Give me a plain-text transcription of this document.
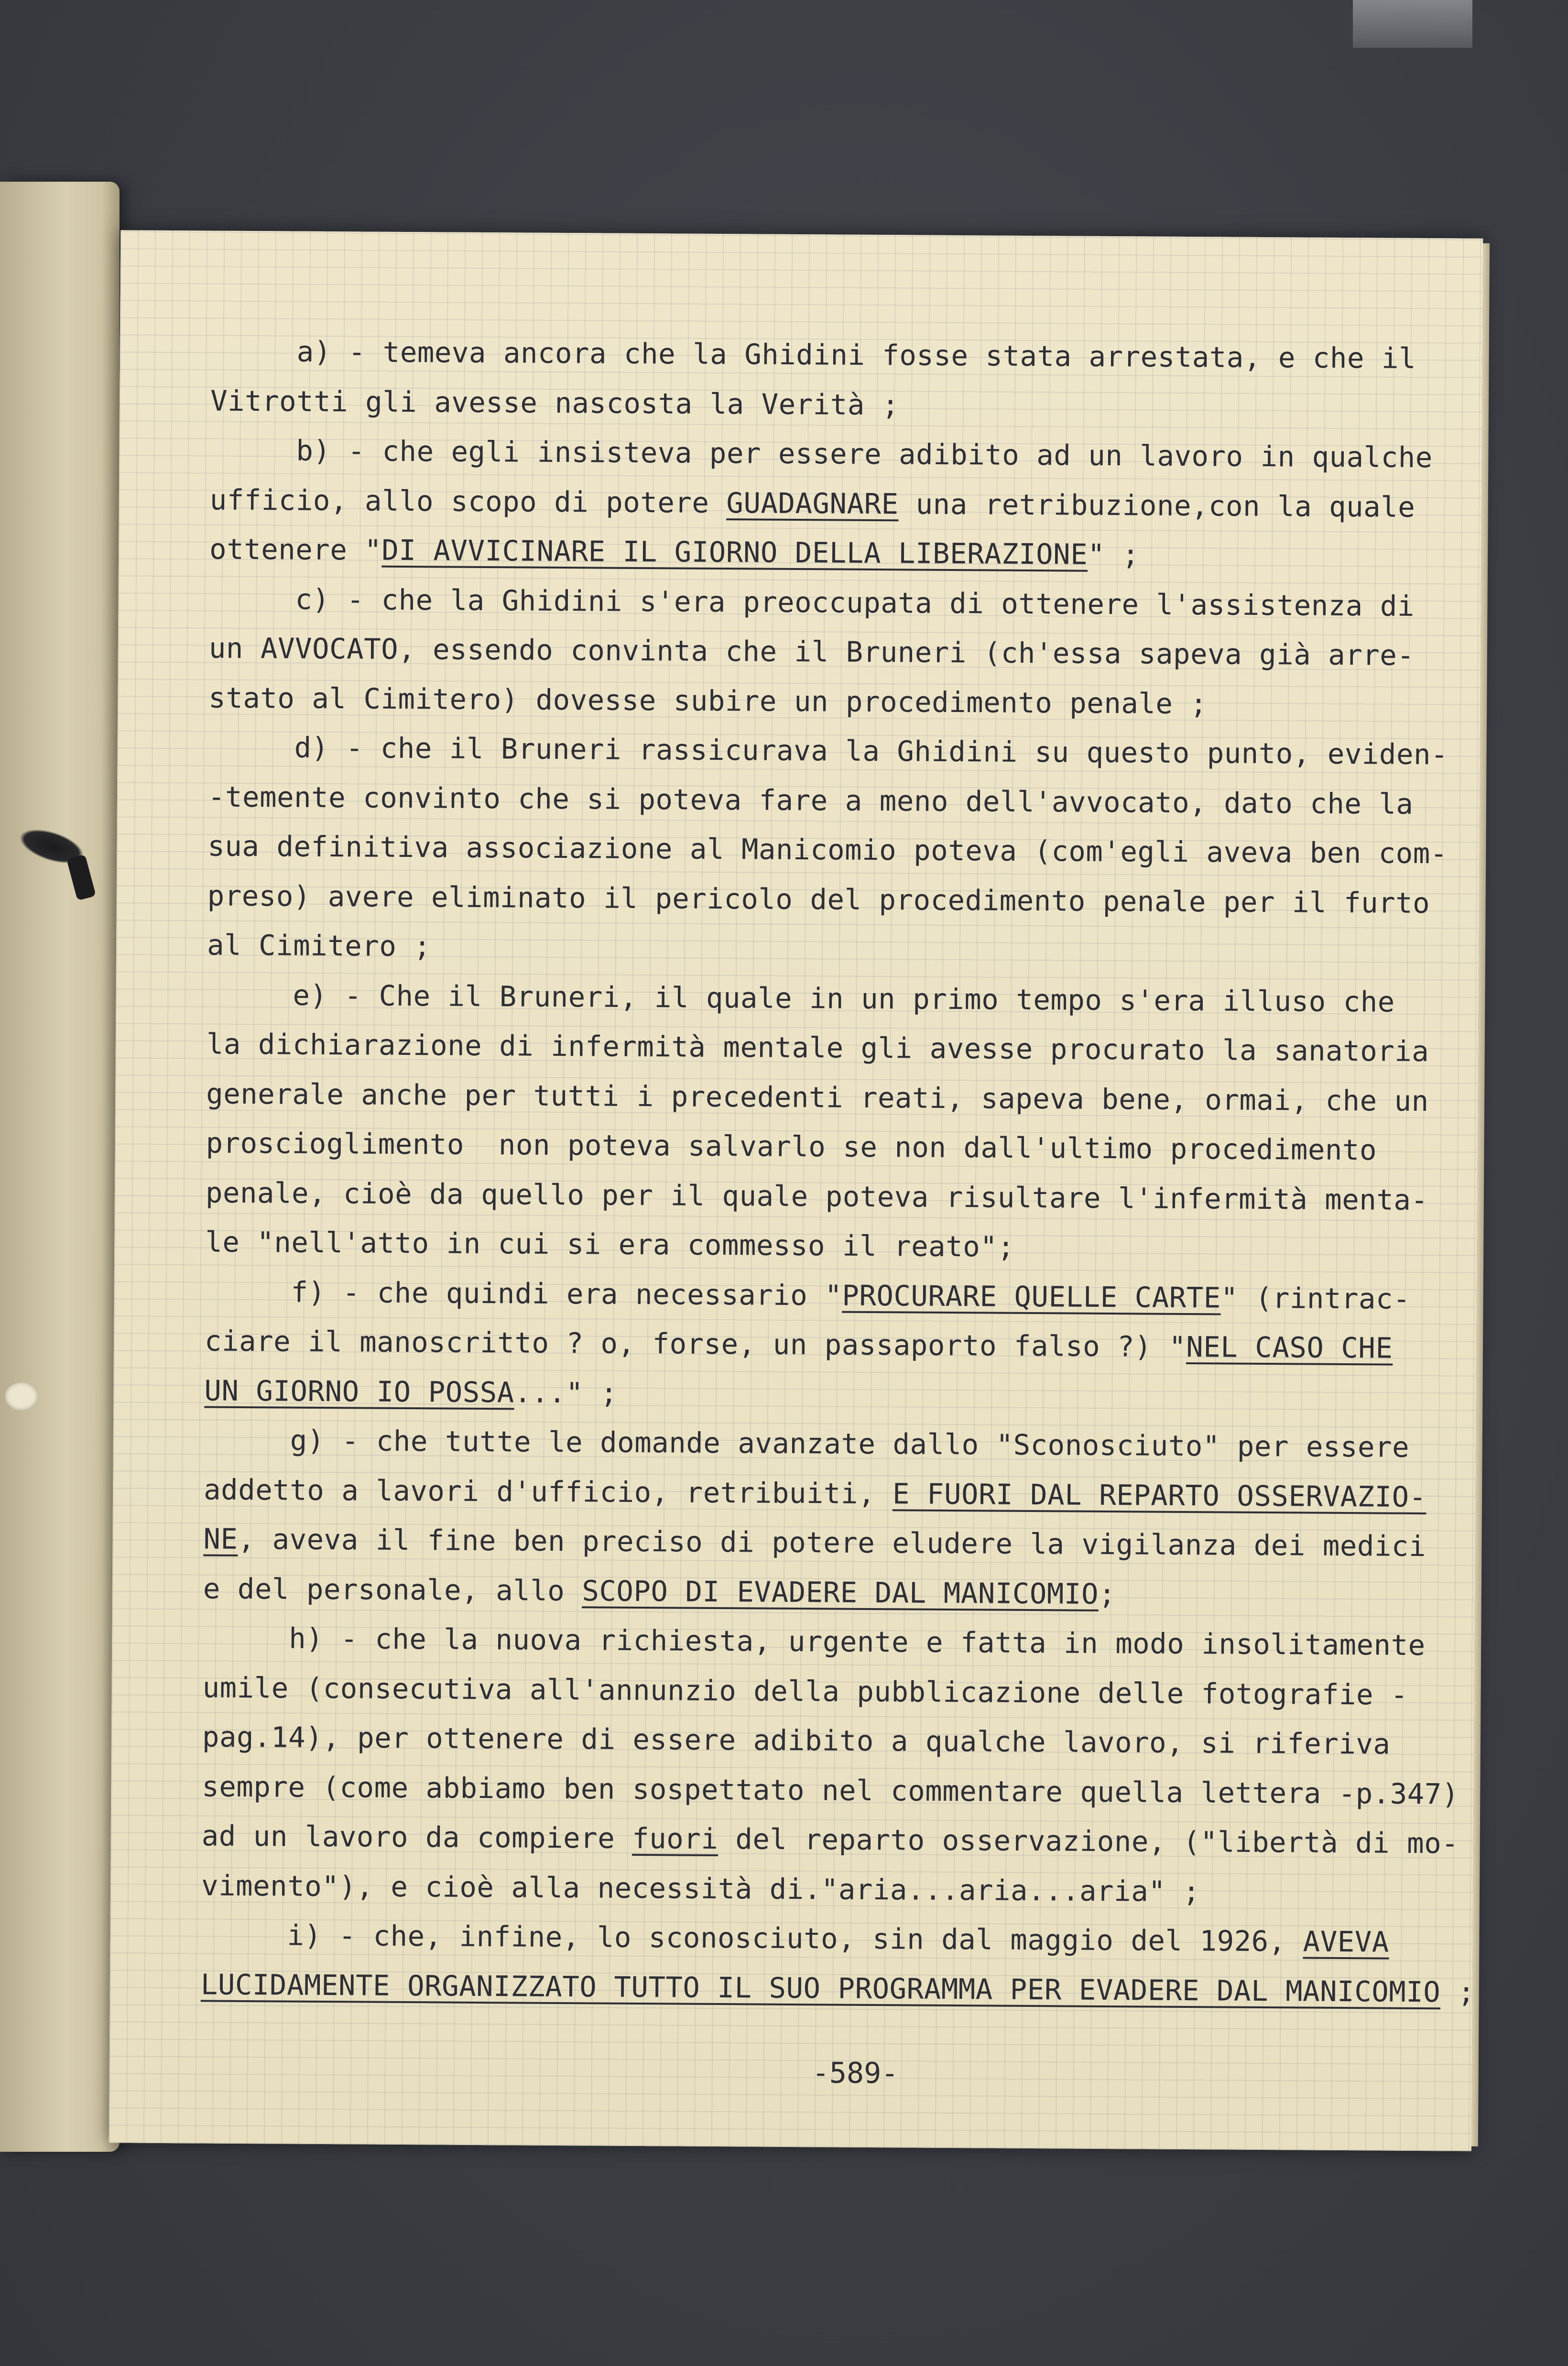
a) - temeva ancora che la Ghidini fosse stata arrestata, e che il
Vitrotti gli avesse nascosta la Verità ;
b) - che egli insisteva per essere adibito ad un lavoro in qualche
ufficio, allo scopo di potere GUADAGNARE una retribuzione,con la quale
ottenere "DI AVVICINARE IL GIORNO DELLA LIBERAZIONE" ;
c) - che la Ghidini s'era preoccupata di ottenere l'assistenza di
un AVVOCATO, essendo convinta che il Bruneri (ch'essa sapeva già arre-
stato al Cimitero) dovesse subire un procedimento penale ;
d) - che il Bruneri rassicurava la Ghidini su questo punto, eviden-
-temente convinto che si poteva fare a meno dell'avvocato, dato che la
sua definitiva associazione al Manicomio poteva (com'egli aveva ben com-
preso) avere eliminato il pericolo del procedimento penale per il furto
al Cimitero ;
e) - Che il Bruneri, il quale in un primo tempo s'era illuso che
la dichiarazione di infermità mentale gli avesse procurato la sanatoria
generale anche per tutti i precedenti reati, sapeva bene, ormai, che un
proscioglimento  non poteva salvarlo se non dall'ultimo procedimento
penale, cioè da quello per il quale poteva risultare l'infermità menta-
le "nell'atto in cui si era commesso il reato";
f) - che quindi era necessario "PROCURARE QUELLE CARTE" (rintrac-
ciare il manoscritto ? o, forse, un passaporto falso ?) "NEL CASO CHE
UN GIORNO IO POSSA..." ;
g) - che tutte le domande avanzate dallo "Sconosciuto" per essere
addetto a lavori d'ufficio, retribuiti, E FUORI DAL REPARTO OSSERVAZIO-
NE, aveva il fine ben preciso di potere eludere la vigilanza dei medici
e del personale, allo SCOPO DI EVADERE DAL MANICOMIO;
h) - che la nuova richiesta, urgente e fatta in modo insolitamente
umile (consecutiva all'annunzio della pubblicazione delle fotografie -
pag.14), per ottenere di essere adibito a qualche lavoro, si riferiva
sempre (come abbiamo ben sospettato nel commentare quella lettera -p.347)
ad un lavoro da compiere fuori del reparto osservazione, ("libertà di mo-
vimento"), e cioè alla necessità di."aria...aria...aria" ;
i) - che, infine, lo sconosciuto, sin dal maggio del 1926, AVEVA
LUCIDAMENTE ORGANIZZATO TUTTO IL SUO PROGRAMMA PER EVADERE DAL MANICOMIO ;
-589-
